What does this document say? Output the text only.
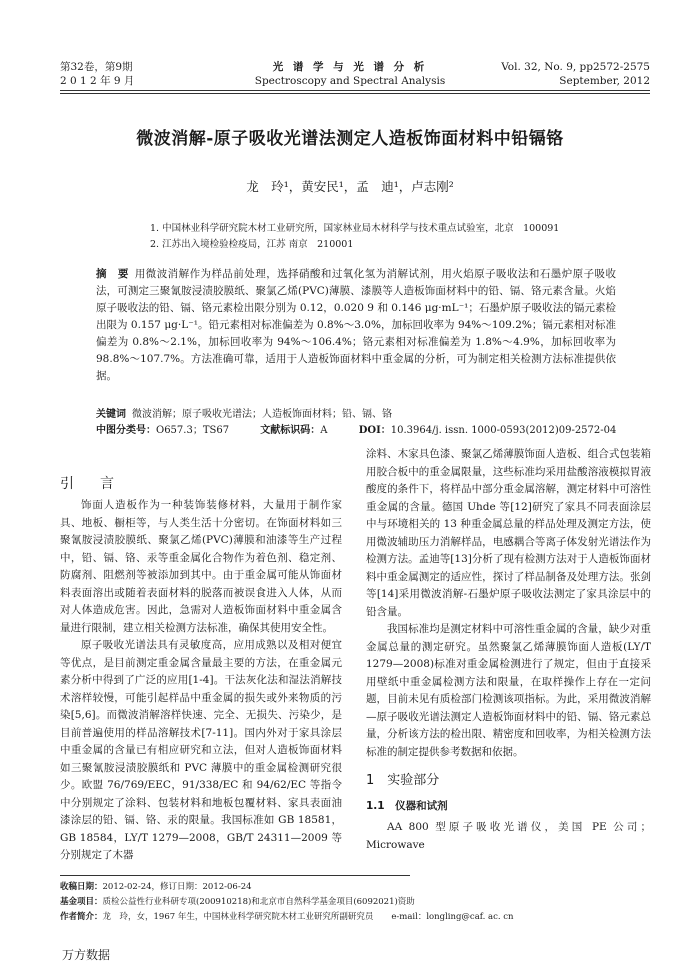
第32卷，第9期
2 0 1 2 年 9 月
光 谱 学 与 光 谱 分 析
Spectroscopy and Spectral Analysis
Vol. 32, No. 9, pp2572-2575
September, 2012
微波消解-原子吸收光谱法测定人造板饰面材料中铅镉铬
龙　玲¹，黄安民¹，孟　迪¹，卢志刚²
1. 中国林业科学研究院木材工业研究所，国家林业局木材科学与技术重点试验室，北京　100091
2. 江苏出入境检验检疫局，江苏 南京　210001
摘　要 用微波消解作为样品前处理，选择硝酸和过氧化氢为消解试剂，用火焰原子吸收法和石墨炉原子吸收法，可测定三聚氰胺浸渍胶膜纸、聚氯乙烯(PVC)薄膜、漆膜等人造板饰面材料中的铅、镉、铬元素含量。火焰原子吸收法的铅、镉、铬元素检出限分别为 0.12，0.020 9 和 0.146 μg·mL⁻¹；石墨炉原子吸收法的镉元素检出限为 0.157 μg·L⁻¹。铅元素相对标准偏差为 0.8%～3.0%，加标回收率为 94%～109.2%；镉元素相对标准偏差为 0.8%～2.1%，加标回收率为 94%～106.4%；铬元素相对标准偏差为 1.8%～4.9%，加标回收率为 98.8%～107.7%。方法准确可靠，适用于人造板饰面材料中重金属的分析，可为制定相关检测方法标准提供依据。
关键词 微波消解；原子吸收光谱法；人造板饰面材料；铅、镉、铬
中图分类号：O657.3；TS67	文献标识码：A	DOI：10.3964/j. issn. 1000-0593(2012)09-2572-04
引　言

饰面人造板作为一种装饰装修材料，大量用于制作家具、地板、橱柜等，与人类生活十分密切。在饰面材料如三聚氰胺浸渍胶膜纸、聚氯乙烯(PVC)薄膜和油漆等生产过程中，铅、镉、铬、汞等重金属化合物作为着色剂、稳定剂、防腐剂、阻燃剂等被添加到其中。由于重金属可能从饰面材料表面溶出或随着表面材料的脱落而被误食进入人体，从而对人体造成危害。因此，急需对人造板饰面材料中重金属含量进行限制，建立相关检测方法标准，确保其使用安全性。

原子吸收光谱法具有灵敏度高，应用成熟以及相对便宜等优点，是目前测定重金属含量最主要的方法，在重金属元素分析中得到了广泛的应用[1-4]。干法灰化法和湿法消解技术溶样较慢，可能引起样品中重金属的损失或外来物质的污染[5,6]。而微波消解溶样快速、完全、无损失、污染少，是目前普遍使用的样品溶解技术[7-11]。国内外对于家具涂层中重金属的含量已有相应研究和立法，但对人造板饰面材料如三聚氰胺浸渍胶膜纸和 PVC 薄膜中的重金属检测研究很少。欧盟 76/769/EEC，91/338/EC 和 94/62/EC 等指令中分别规定了涂料、包装材料和地板包覆材料、家具表面油漆涂层的铅、镉、铬、汞的限量。我国标准如 GB 18581，GB 18584，LY/T 1279—2008，GB/T 24311—2009 等分别规定了木器

涂料、木家具色漆、聚氯乙烯薄膜饰面人造板、组合式包装箱用胶合板中的重金属限量，这些标准均采用盐酸溶液模拟胃液酸度的条件下，将样品中部分重金属溶解，测定材料中可溶性重金属的含量。德国 Uhde 等[12]研究了家具不同表面涂层中与环境相关的 13 种重金属总量的样品处理及测定方法，使用微波辅助压力消解样品，电感耦合等离子体发射光谱法作为检测方法。孟迪等[13]分析了现有检测方法对于人造板饰面材料中重金属测定的适应性，探讨了样品制备及处理方法。张剑等[14]采用微波消解-石墨炉原子吸收法测定了家具涂层中的铅含量。

我国标准均是测定材料中可溶性重金属的含量，缺少对重金属总量的测定研究。虽然聚氯乙烯薄膜饰面人造板(LY/T 1279—2008)标准对重金属检测进行了规定，但由于直接采用壁纸中重金属检测方法和限量，在取样操作上存在一定问题，目前未见有质检部门检测该项指标。为此，采用微波消解—原子吸收光谱法测定人造板饰面材料中的铅、镉、铬元素总量，分析该方法的检出限、精密度和回收率，为相关检测方法标准的制定提供参考数据和依据。

1　实验部分
1.1　仪器和试剂

AA 800 型原子吸收光谱仪，美国 PE 公司；Microwave

收稿日期：2012-02-24，修订日期：2012-06-24
基金项目：质检公益性行业科研专项(200910218)和北京市自然科学基金项目(6092021)资助
作者简介：龙　玲，女，1967 年生，中国林业科学研究院木材工业研究所副研究员 e-mail：longling@caf. ac. cn
万方数据
